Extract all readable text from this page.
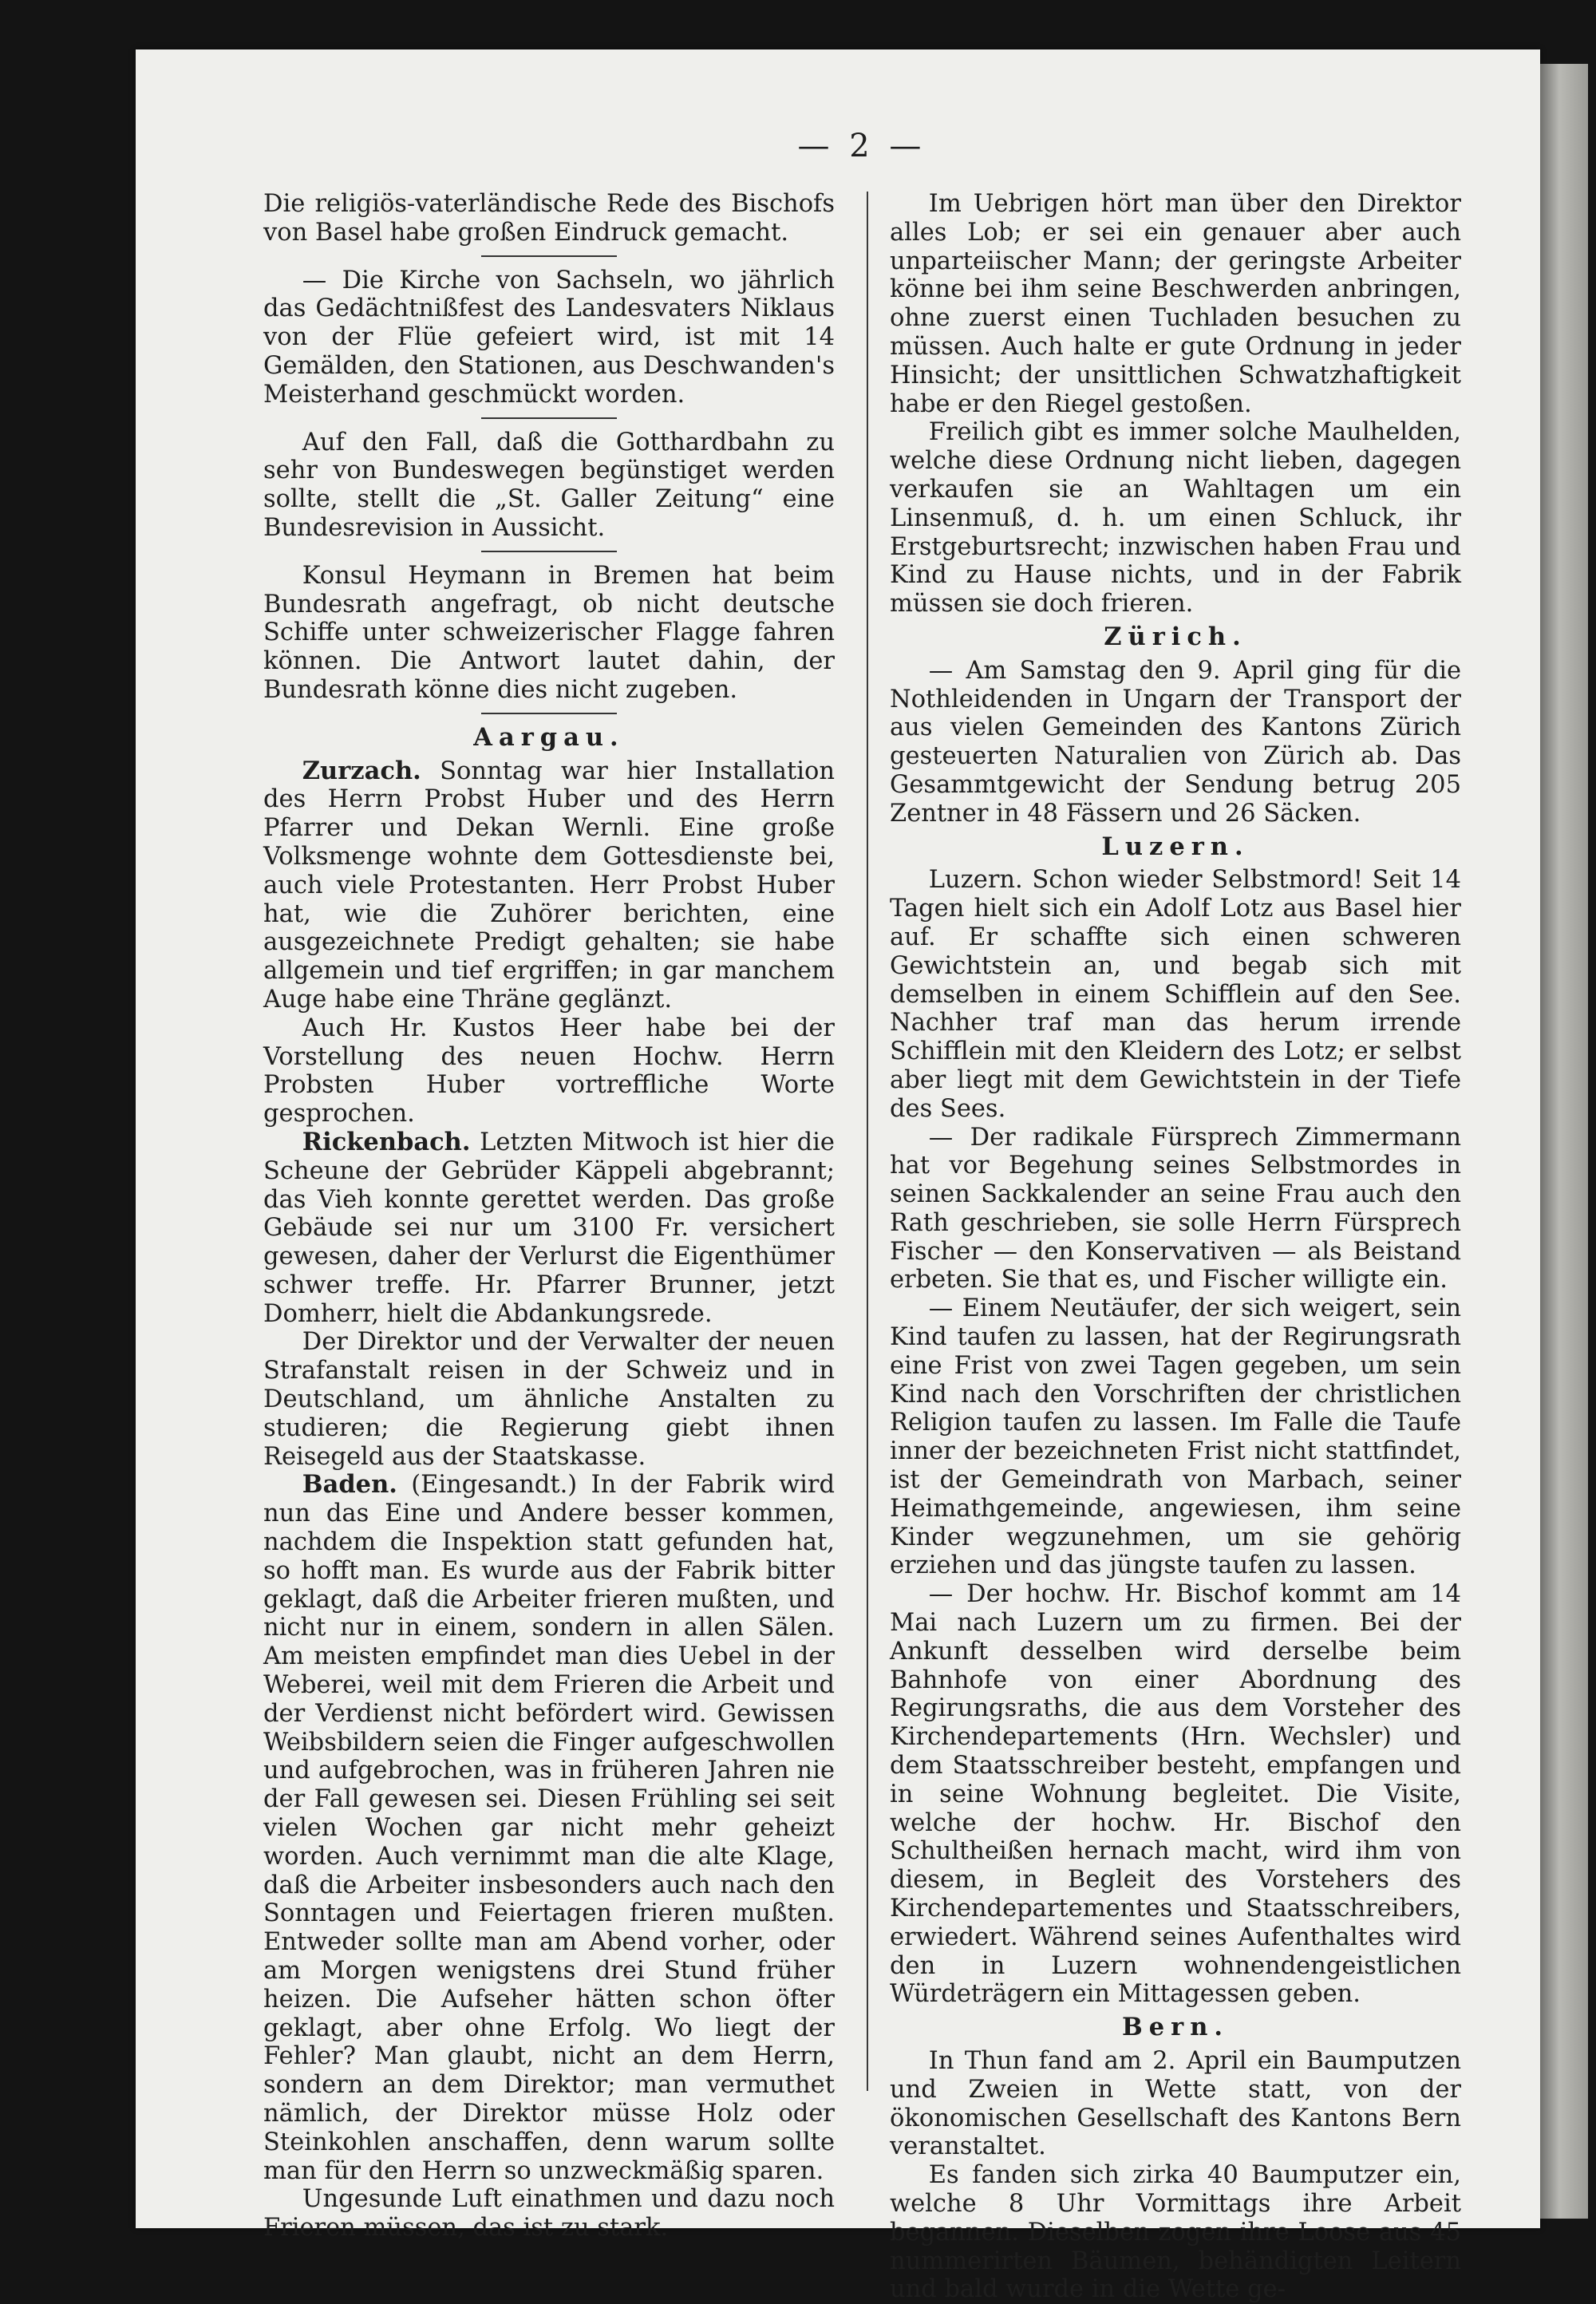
— 2 —

Die religiös-vaterländische Rede des Bischofs von Basel habe großen Eindruck gemacht.

— Die Kirche von Sachseln, wo jährlich das Gedächtnißfest des Landesvaters Niklaus von der Flüe gefeiert wird, ist mit 14 Gemälden, den Stationen, aus Deschwanden's Meisterhand geschmückt worden.

Auf den Fall, daß die Gotthardbahn zu sehr von Bundeswegen begünstiget werden sollte, stellt die „St. Galler Zeitung“ eine Bundesrevision in Aussicht.

Konsul Heymann in Bremen hat beim Bundesrath angefragt, ob nicht deutsche Schiffe unter schweizerischer Flagge fahren können. Die Antwort lautet dahin, der Bundesrath könne dies nicht zugeben.

Aargau.

Zurzach. Sonntag war hier Installation des Herrn Probst Huber und des Herrn Pfarrer und Dekan Wernli. Eine große Volksmenge wohnte dem Gottesdienste bei, auch viele Protestanten. Herr Probst Huber hat, wie die Zuhörer berichten, eine ausgezeichnete Predigt gehalten; sie habe allgemein und tief ergriffen; in gar manchem Auge habe eine Thräne geglänzt.

Auch Hr. Kustos Heer habe bei der Vorstellung des neuen Hochw. Herrn Probsten Huber vortreffliche Worte gesprochen.

Rickenbach. Letzten Mitwoch ist hier die Scheune der Gebrüder Käppeli abgebrannt; das Vieh konnte gerettet werden. Das große Gebäude sei nur um 3100 Fr. versichert gewesen, daher der Verlurst die Eigenthümer schwer treffe. Hr. Pfarrer Brunner, jetzt Domherr, hielt die Abdankungsrede.

Der Direktor und der Verwalter der neuen Strafanstalt reisen in der Schweiz und in Deutschland, um ähnliche Anstalten zu studieren; die Regierung giebt ihnen Reisegeld aus der Staatskasse.

Baden. (Eingesandt.) In der Fabrik wird nun das Eine und Andere besser kommen, nachdem die Inspektion statt gefunden hat, so hofft man. Es wurde aus der Fabrik bitter geklagt, daß die Arbeiter frieren mußten, und nicht nur in einem, sondern in allen Sälen. Am meisten empfindet man dies Uebel in der Weberei, weil mit dem Frieren die Arbeit und der Verdienst nicht befördert wird. Gewissen Weibsbildern seien die Finger aufgeschwollen und aufgebrochen, was in früheren Jahren nie der Fall gewesen sei. Diesen Frühling sei seit vielen Wochen gar nicht mehr geheizt worden. Auch vernimmt man die alte Klage, daß die Arbeiter insbesonders auch nach den Sonntagen und Feiertagen frieren mußten. Entweder sollte man am Abend vorher, oder am Morgen wenigstens drei Stund früher heizen. Die Aufseher hätten schon öfter geklagt, aber ohne Erfolg. Wo liegt der Fehler? Man glaubt, nicht an dem Herrn, sondern an dem Direktor; man vermuthet nämlich, der Direktor müsse Holz oder Steinkohlen anschaffen, denn warum sollte man für den Herrn so unzweckmäßig sparen.

Ungesunde Luft einathmen und dazu noch Frieren müssen, das ist zu stark.

Im Uebrigen hört man über den Direktor alles Lob; er sei ein genauer aber auch unparteiischer Mann; der geringste Arbeiter könne bei ihm seine Beschwerden anbringen, ohne zuerst einen Tuchladen besuchen zu müssen. Auch halte er gute Ordnung in jeder Hinsicht; der unsittlichen Schwatzhaftigkeit habe er den Riegel gestoßen.

Freilich gibt es immer solche Maulhelden, welche diese Ordnung nicht lieben, dagegen verkaufen sie an Wahltagen um ein Linsenmuß, d. h. um einen Schluck, ihr Erstgeburtsrecht; inzwischen haben Frau und Kind zu Hause nichts, und in der Fabrik müssen sie doch frieren.

Zürich.

— Am Samstag den 9. April ging für die Nothleidenden in Ungarn der Transport der aus vielen Gemeinden des Kantons Zürich gesteuerten Naturalien von Zürich ab. Das Gesammtgewicht der Sendung betrug 205 Zentner in 48 Fässern und 26 Säcken.

Luzern.

Luzern. Schon wieder Selbstmord! Seit 14 Tagen hielt sich ein Adolf Lotz aus Basel hier auf. Er schaffte sich einen schweren Gewichtstein an, und begab sich mit demselben in einem Schifflein auf den See. Nachher traf man das herum irrende Schifflein mit den Kleidern des Lotz; er selbst aber liegt mit dem Gewichtstein in der Tiefe des Sees.

— Der radikale Fürsprech Zimmermann hat vor Begehung seines Selbstmordes in seinen Sackkalender an seine Frau auch den Rath geschrieben, sie solle Herrn Fürsprech Fischer — den Konservativen — als Beistand erbeten. Sie that es, und Fischer willigte ein.

— Einem Neutäufer, der sich weigert, sein Kind taufen zu lassen, hat der Regirungsrath eine Frist von zwei Tagen gegeben, um sein Kind nach den Vorschriften der christlichen Religion taufen zu lassen. Im Falle die Taufe inner der bezeichneten Frist nicht stattfindet, ist der Gemeindrath von Marbach, seiner Heimathgemeinde, angewiesen, ihm seine Kinder wegzunehmen, um sie gehörig erziehen und das jüngste taufen zu lassen.

— Der hochw. Hr. Bischof kommt am 14 Mai nach Luzern um zu firmen. Bei der Ankunft desselben wird derselbe beim Bahnhofe von einer Abordnung des Regirungsraths, die aus dem Vorsteher des Kirchendepartements (Hrn. Wechsler) und dem Staatsschreiber besteht, empfangen und in seine Wohnung begleitet. Die Visite, welche der hochw. Hr. Bischof den Schultheißen hernach macht, wird ihm von diesem, in Begleit des Vorstehers des Kirchendepartementes und Staatsschreibers, erwiedert. Während seines Aufenthaltes wird den in Luzern wohnendengeistlichen Würdeträgern ein Mittagessen geben.

Bern.

In Thun fand am 2. April ein Baumputzen und Zweien in Wette statt, von der ökonomischen Gesellschaft des Kantons Bern veranstaltet.

Es fanden sich zirka 40 Baumputzer ein, welche 8 Uhr Vormittags ihre Arbeit begannen. Dieselben zogen ihre Loose aus 45 nummerirten Bäumen, behändigten Leitern und bald wurde in die Wette ge-
